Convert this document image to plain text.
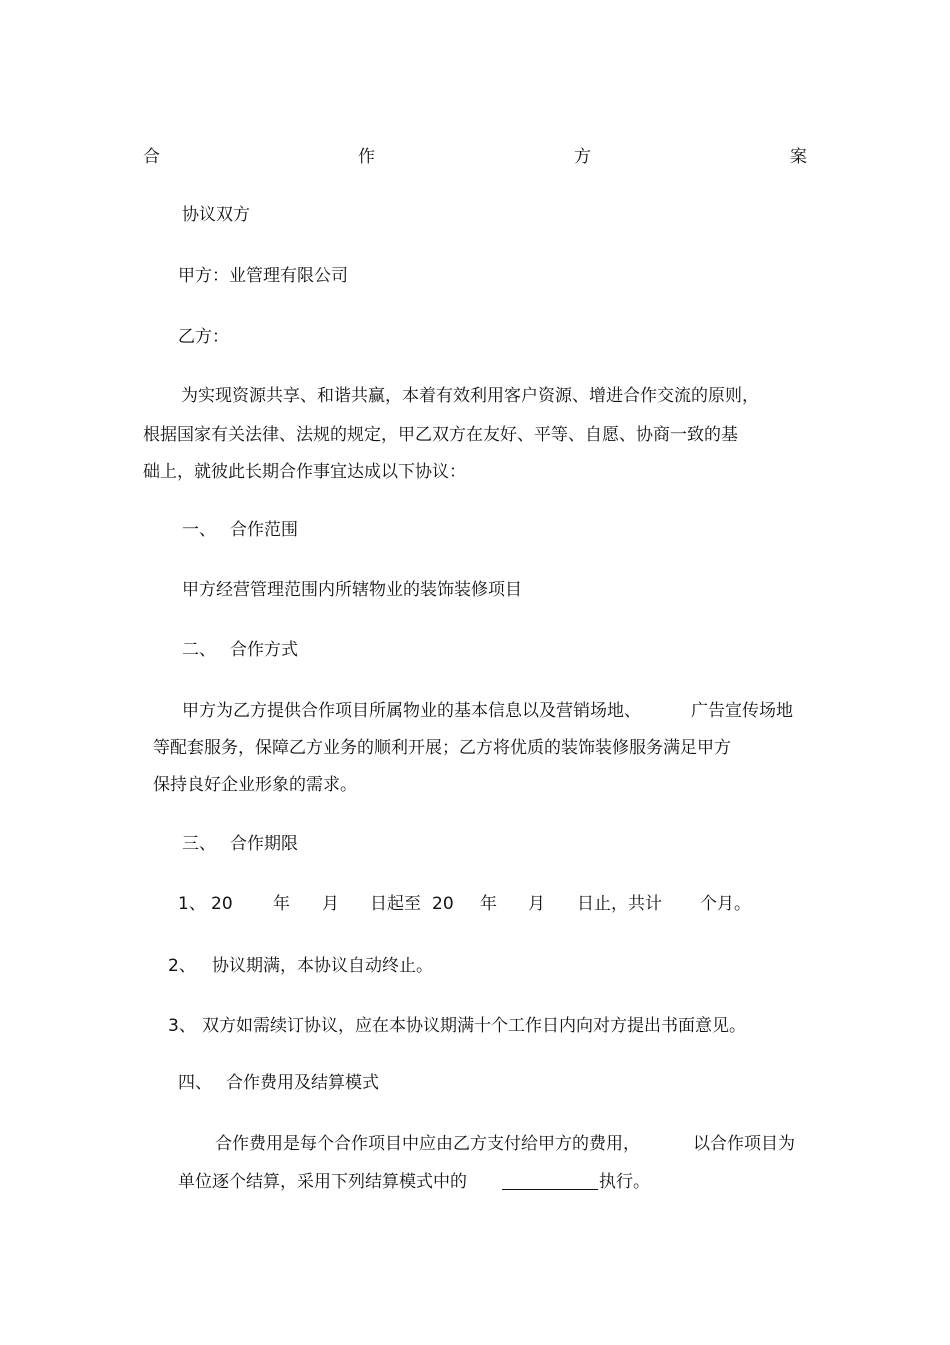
合	作	方	案
协议双方
甲方：业管理有限公司
乙方：
为实现资源共享、和谐共赢，本着有效利用客户资源、增进合作交流的原则，
根据国家有关法律、法规的规定，甲乙双方在友好、平等、自愿、协商一致的基
础上，就彼此长期合作事宜达成以下协议：
一、 合作范围
甲方经营管理范围内所辖物业的装饰装修项目
二、 合作方式
甲方为乙方提供合作项目所属物业的基本信息以及营销场地、	广告宣传场地
等配套服务，保障乙方业务的顺利开展；乙方将优质的装饰装修服务满足甲方
保持良好企业形象的需求。
三、 合作期限
1、 20 年 月 日起至 20 年 月 日止，共计 个月。
2、 协议期满，本协议自动终止。
3、 双方如需续订协议，应在本协议期满十个工作日内向对方提出书面意见。
四、 合作费用及结算模式
合作费用是每个合作项目中应由乙方支付给甲方的费用，	以合作项目为
单位逐个结算，采用下列结算模式中的	执行。
